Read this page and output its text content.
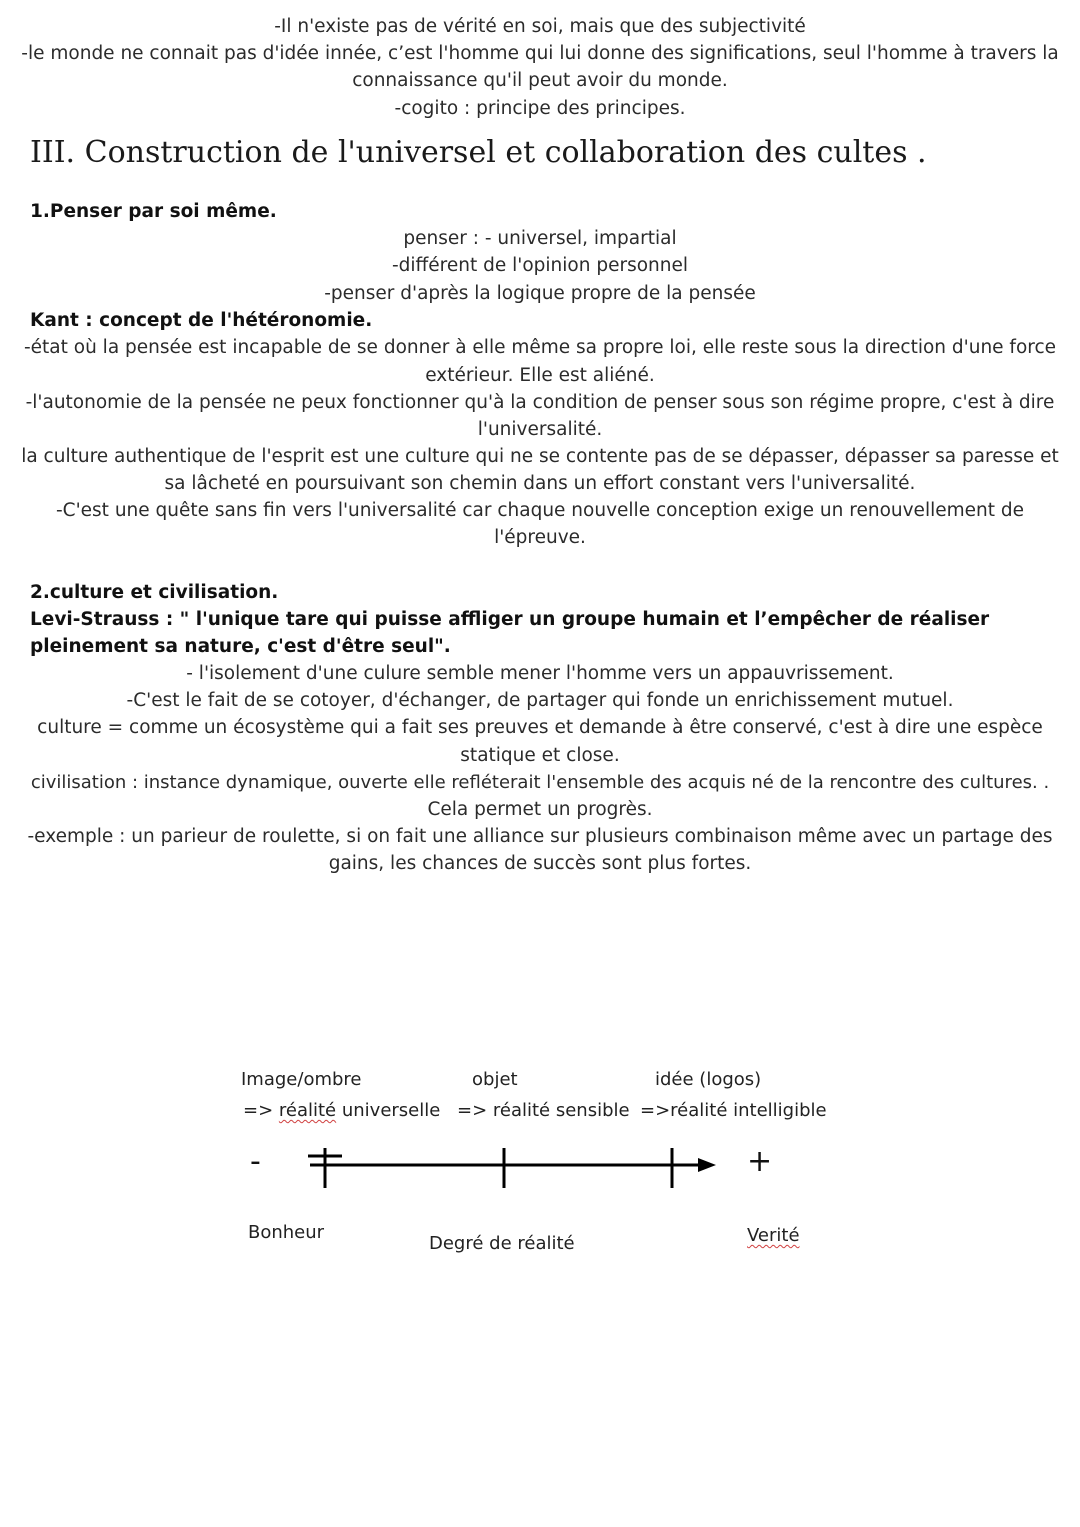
-Il n'existe pas de vérité en soi, mais que des subjectivité
-le monde ne connait pas d'idée innée, c’est l'homme qui lui donne des significations, seul l'homme à travers la
connaissance qu'il peut avoir du monde.
-cogito : principe des principes.
III. Construction de l'universel et collaboration des cultes .
1.Penser par soi même.
penser : - universel, impartial
-différent de l'opinion personnel
-penser d'après la logique propre de la pensée
Kant : concept de l'hétéronomie.
-état où la pensée est incapable de se donner à elle même sa propre loi, elle reste sous la direction d'une force
extérieur. Elle est aliéné.
-l'autonomie de la pensée ne peux fonctionner qu'à la condition de penser sous son régime propre, c'est à dire
l'universalité.
la culture authentique de l'esprit est une culture qui ne se contente pas de se dépasser, dépasser sa paresse et
sa lâcheté en poursuivant son chemin dans un effort constant vers l'universalité.
-C'est une quête sans fin vers l'universalité car chaque nouvelle conception exige un renouvellement de
l'épreuve.
2.culture et civilisation.
Levi-Strauss : " l'unique tare qui puisse affliger un groupe humain et l’empêcher de réaliser
pleinement sa nature, c'est d'être seul".
- l'isolement d'une culure semble mener l'homme vers un appauvrissement.
-C'est le fait de se cotoyer, d'échanger, de partager qui fonde un enrichissement mutuel.
culture = comme un écosystème qui a fait ses preuves et demande à être conservé, c'est à dire une espèce
statique et close.
civilisation : instance dynamique, ouverte elle refléterait l'ensemble des acquis né de la rencontre des cultures. .
Cela permet un progrès.
-exemple : un parieur de roulette, si on fait une alliance sur plusieurs combinaison même avec un partage des
gains, les chances de succès sont plus fortes.
Image/ombre
=> réalité universelle
objet
=> réalité sensible
idée (logos)
=>réalité intelligible
-	+
Bonheur
Degré de réalité	Verité
